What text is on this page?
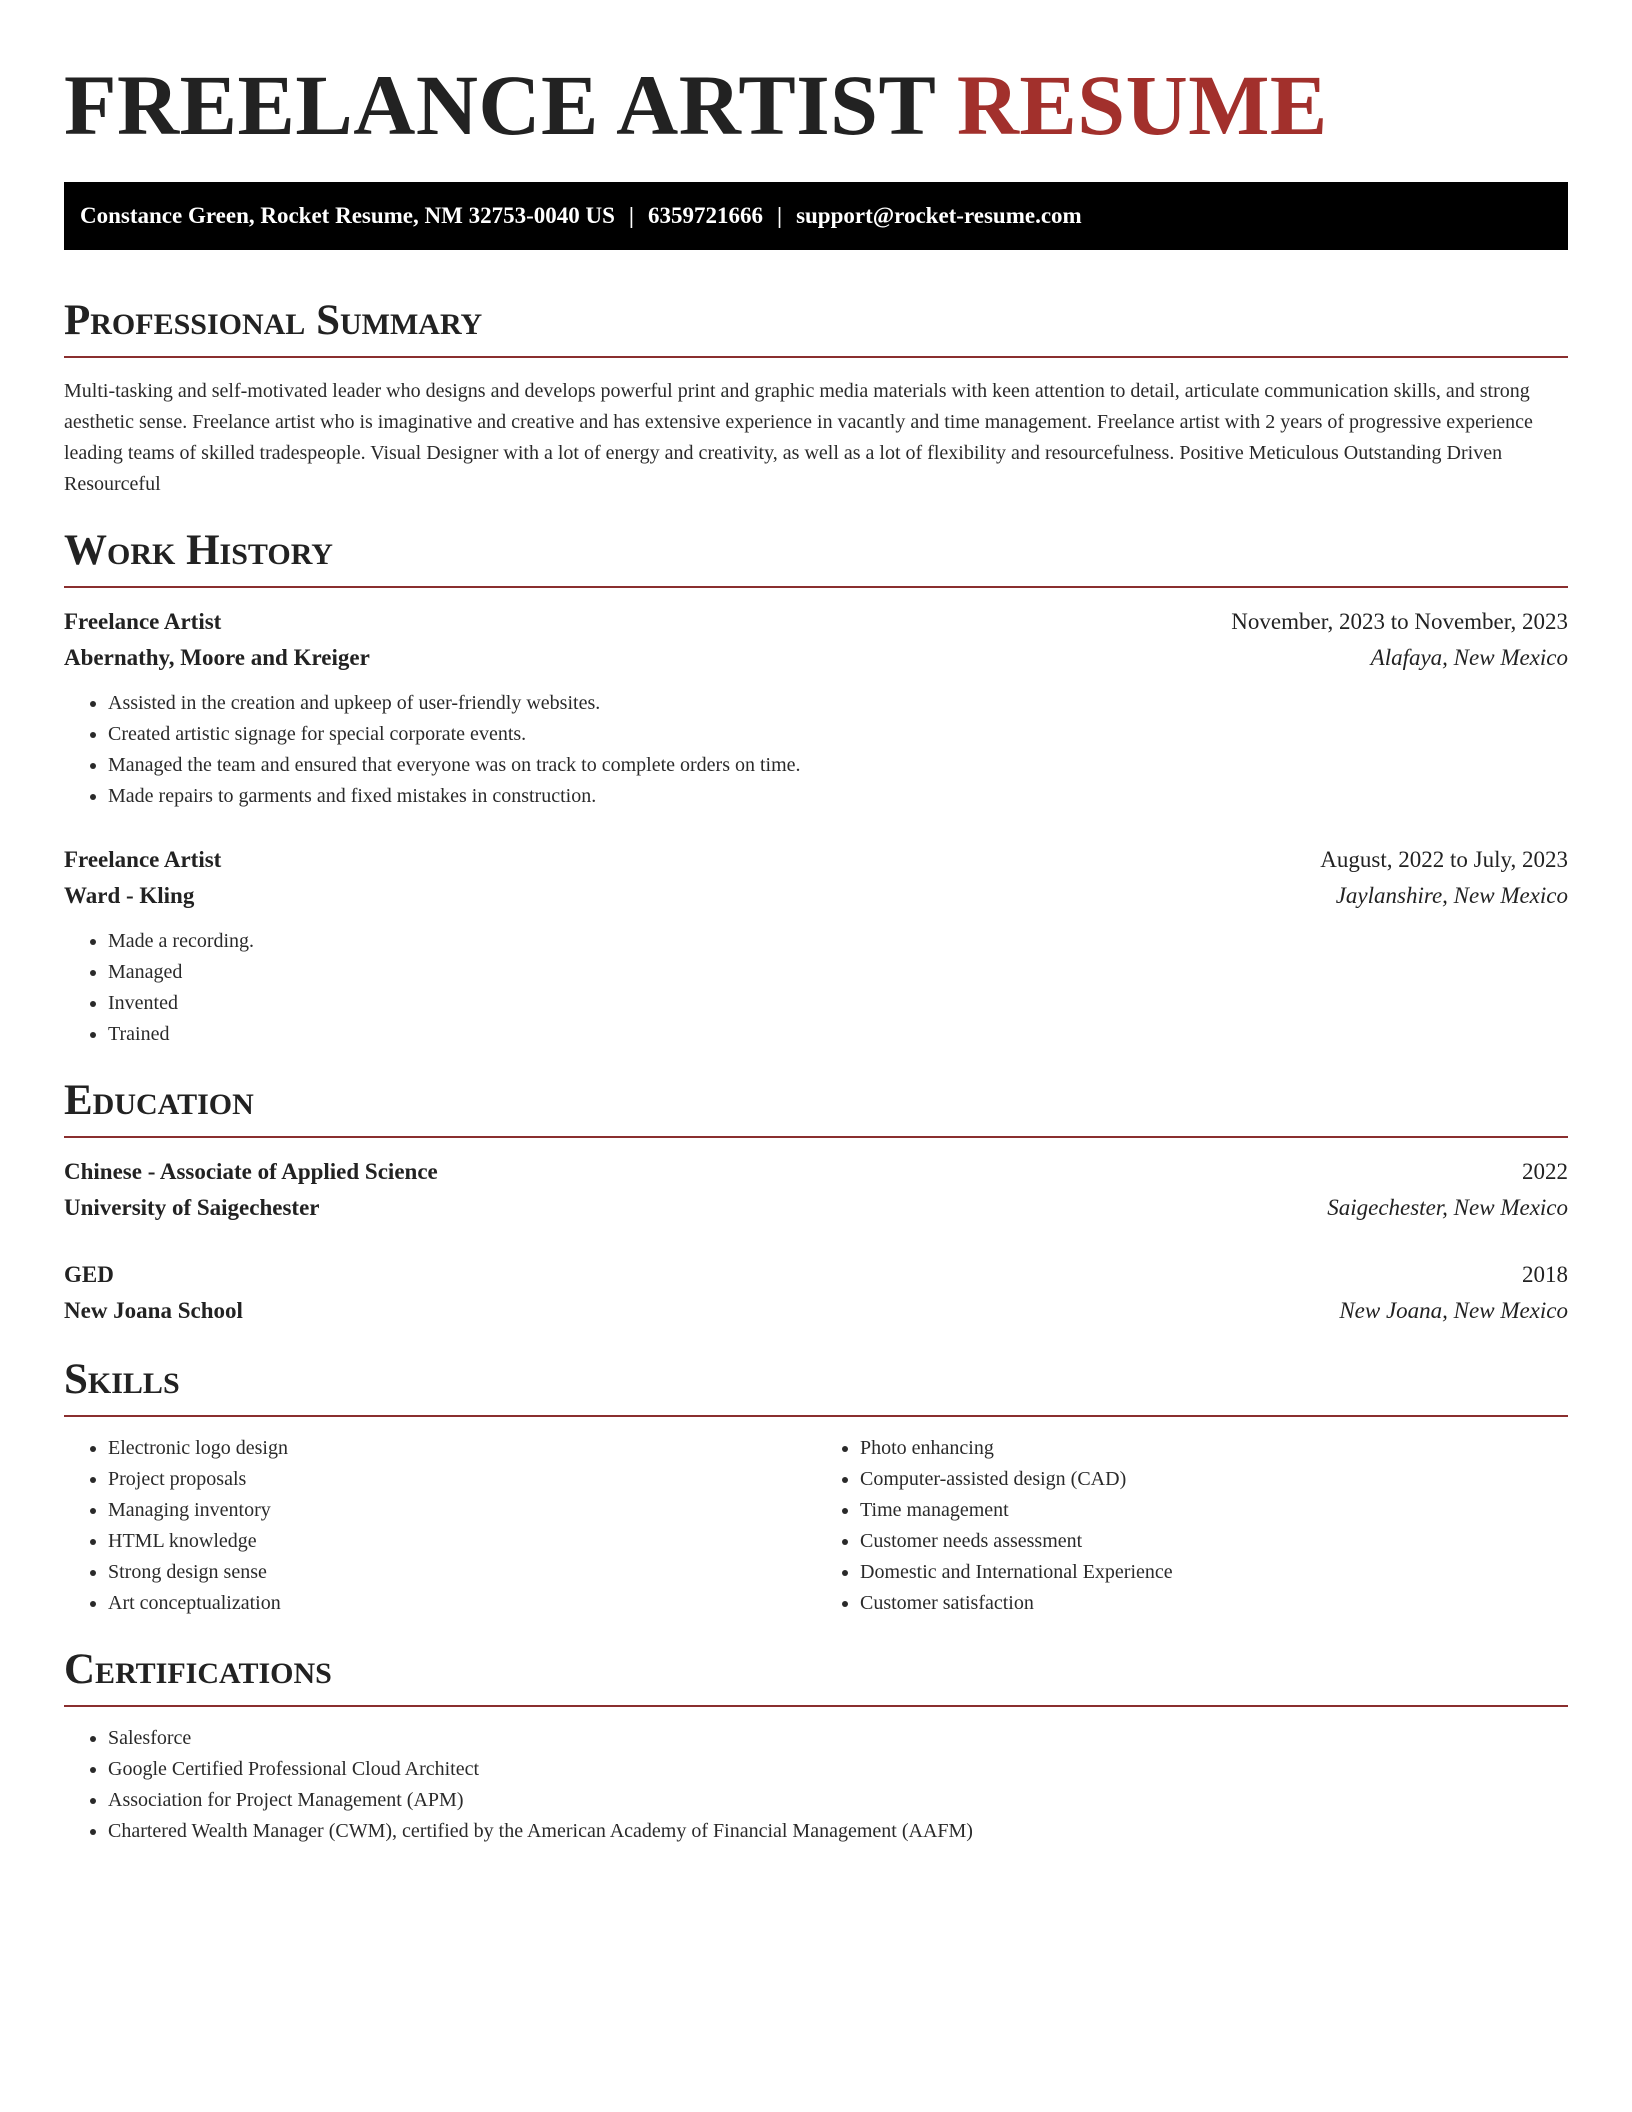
FREELANCE ARTIST RESUME
Constance Green, Rocket Resume, NM 32753-0040 US | 6359721666 | support@rocket-resume.com
Professional Summary

Multi-tasking and self-motivated leader who designs and develops powerful print and graphic media materials with keen attention to detail, articulate communication skills, and strong aesthetic sense. Freelance artist who is imaginative and creative and has extensive experience in vacantly and time management. Freelance artist with 2 years of progressive experience leading teams of skilled tradespeople. Visual Designer with a lot of energy and creativity, as well as a lot of flexibility and resourcefulness. Positive Meticulous Outstanding Driven Resourceful

Work History
Freelance Artist	November, 2023 to November, 2023
Abernathy, Moore and Kreiger	Alafaya, New Mexico
• Assisted in the creation and upkeep of user-friendly websites.
• Created artistic signage for special corporate events.
• Managed the team and ensured that everyone was on track to complete orders on time.
• Made repairs to garments and fixed mistakes in construction.
Freelance Artist	August, 2022 to July, 2023
Ward - Kling	Jaylanshire, New Mexico
• Made a recording.
• Managed
• Invented
• Trained
Education
Chinese - Associate of Applied Science	2022
University of Saigechester	Saigechester, New Mexico
GED	2018
New Joana School	New Joana, New Mexico
Skills
• Electronic logo design
• Project proposals
• Managing inventory
• HTML knowledge
• Strong design sense
• Art conceptualization
• Photo enhancing
• Computer-assisted design (CAD)
• Time management
• Customer needs assessment
• Domestic and International Experience
• Customer satisfaction
Certifications
• Salesforce
• Google Certified Professional Cloud Architect
• Association for Project Management (APM)
• Chartered Wealth Manager (CWM), certified by the American Academy of Financial Management (AAFM)
